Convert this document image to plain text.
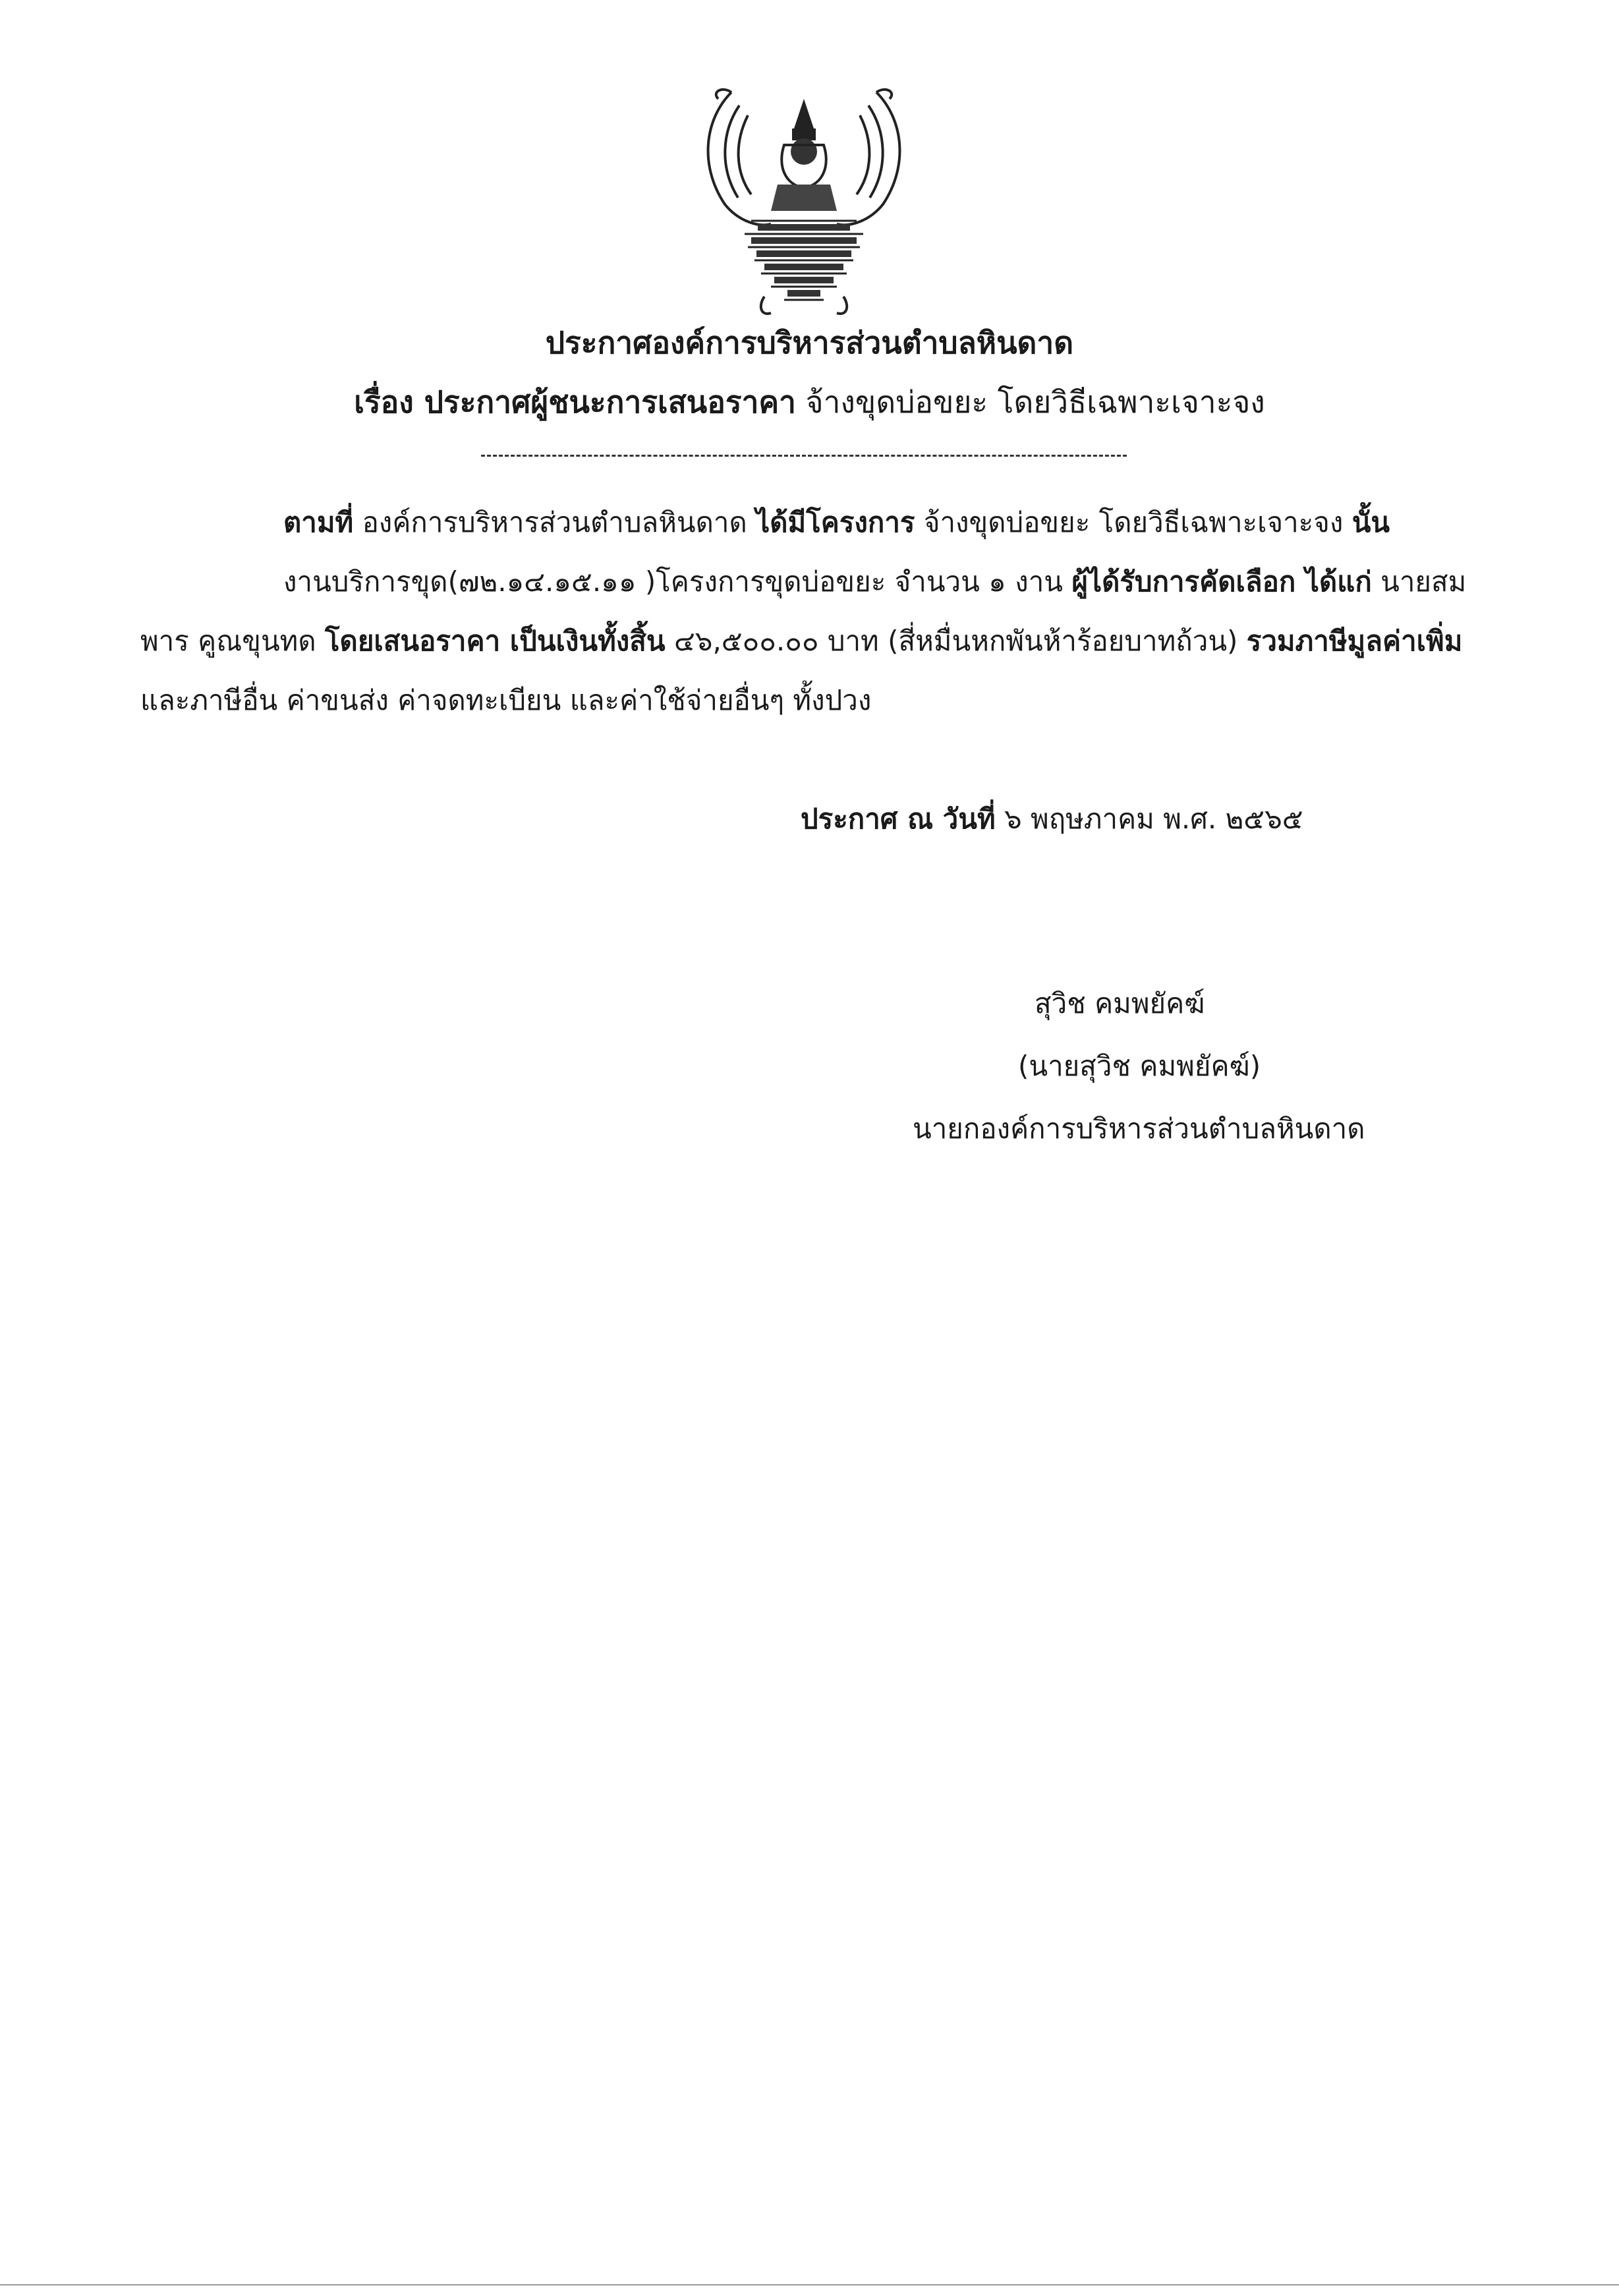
ประกาศองค์การบริหารส่วนตำบลหินดาด
เรื่อง ประกาศผู้ชนะการเสนอราคา จ้างขุดบ่อขยะ โดยวิธีเฉพาะเจาะจง
ตามที่ องค์การบริหารส่วนตำบลหินดาด ได้มีโครงการ จ้างขุดบ่อขยะ โดยวิธีเฉพาะเจาะจง นั้น
งานบริการขุด(๗๒.๑๔.๑๕.๑๑ )โครงการขุดบ่อขยะ จำนวน ๑ งาน ผู้ได้รับการคัดเลือก ได้แก่ นายสม
พาร คูณขุนทด โดยเสนอราคา เป็นเงินทั้งสิ้น ๔๖,๕๐๐.๐๐ บาท (สี่หมื่นหกพันห้าร้อยบาทถ้วน) รวมภาษีมูลค่าเพิ่ม
และภาษีอื่น ค่าขนส่ง ค่าจดทะเบียน และค่าใช้จ่ายอื่นๆ ทั้งปวง
ประกาศ ณ วันที่ ๖ พฤษภาคม พ.ศ. ๒๕๖๕
สุวิช คมพยัคฆ์
(นายสุวิช คมพยัคฆ์)
นายกองค์การบริหารส่วนตำบลหินดาด
